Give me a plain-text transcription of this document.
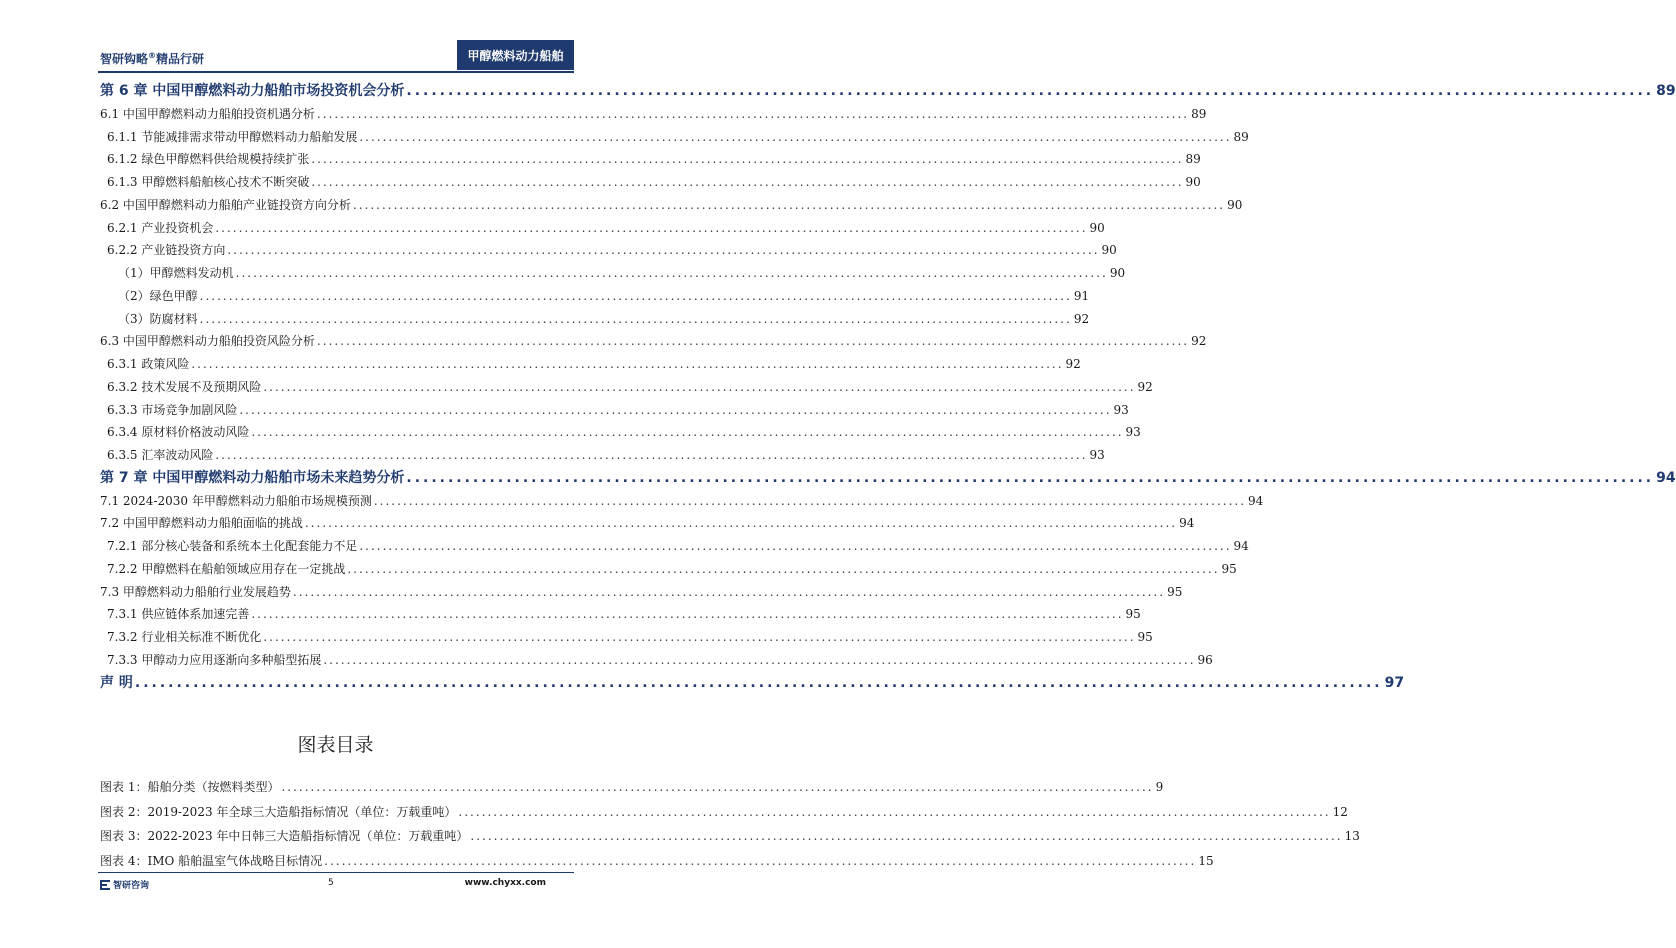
智研钩略®精品行研	甲醇燃料动力船舶
第 6 章 中国甲醇燃料动力船舶市场投资机会分析 ...................................................................................................................................................... 89
6.1 中国甲醇燃料动力船舶投资机遇分析 ...................................................................................................................................................... 89
6.1.1 节能减排需求带动甲醇燃料动力船舶发展 ...................................................................................................................................................... 89
6.1.2 绿色甲醇燃料供给规模持续扩张 ...................................................................................................................................................... 89
6.1.3 甲醇燃料船舶核心技术不断突破 ...................................................................................................................................................... 90
6.2 中国甲醇燃料动力船舶产业链投资方向分析 ...................................................................................................................................................... 90
6.2.1 产业投资机会 ...................................................................................................................................................... 90
6.2.2 产业链投资方向 ...................................................................................................................................................... 90
（1）甲醇燃料发动机 ...................................................................................................................................................... 90
（2）绿色甲醇 ...................................................................................................................................................... 91
（3）防腐材料 ...................................................................................................................................................... 92
6.3 中国甲醇燃料动力船舶投资风险分析 ...................................................................................................................................................... 92
6.3.1 政策风险 ...................................................................................................................................................... 92
6.3.2 技术发展不及预期风险 ...................................................................................................................................................... 92
6.3.3 市场竞争加剧风险 ...................................................................................................................................................... 93
6.3.4 原材料价格波动风险 ...................................................................................................................................................... 93
6.3.5 汇率波动风险 ...................................................................................................................................................... 93
第 7 章 中国甲醇燃料动力船舶市场未来趋势分析 ...................................................................................................................................................... 94
7.1 2024-2030 年甲醇燃料动力船舶市场规模预测 ...................................................................................................................................................... 94
7.2 中国甲醇燃料动力船舶面临的挑战 ...................................................................................................................................................... 94
7.2.1 部分核心装备和系统本土化配套能力不足 ...................................................................................................................................................... 94
7.2.2 甲醇燃料在船舶领域应用存在一定挑战 ...................................................................................................................................................... 95
7.3 甲醇燃料动力船舶行业发展趋势 ...................................................................................................................................................... 95
7.3.1 供应链体系加速完善 ...................................................................................................................................................... 95
7.3.2 行业相关标准不断优化 ...................................................................................................................................................... 95
7.3.3 甲醇动力应用逐渐向多种船型拓展 ...................................................................................................................................................... 96
声 明 ...................................................................................................................................................... 97
图表目录
图表 1：船舶分类（按燃料类型） ...................................................................................................................................................... 9
图表 2：2019-2023 年全球三大造船指标情况（单位：万载重吨） ...................................................................................................................................................... 12
图表 3：2022-2023 年中日韩三大造船指标情况（单位：万载重吨） ...................................................................................................................................................... 13
图表 4：IMO 船舶温室气体战略目标情况 ...................................................................................................................................................... 15
智研咨询	5	www.chyxx.com
